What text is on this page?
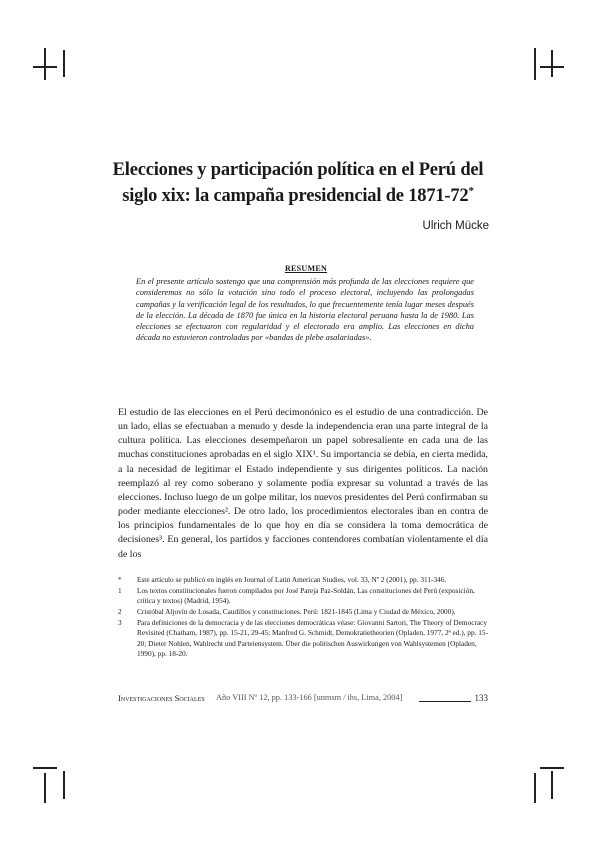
Elecciones y participación política en el Perú del
siglo xix: la campaña presidencial de 1871-72*
Ulrich Mücke
RESUMEN
En el presente artículo sostengo que una comprensión más profunda de las elecciones requiere que consideremos no sólo la votación sino todo el proceso electoral, incluyendo las prolongadas campañas y la verificación legal de los resultados, lo que frecuentemente tenía lugar meses después de la elección. La década de 1870 fue única en la historia electoral peruana hasta la de 1980. Las elecciones se efectuaron con regularidad y el electorado era amplio. Las elecciones en dicha década no estuvieron controladas por «bandas de plebe asalariadas».

El estudio de las elecciones en el Perú decimonónico es el estudio de una contradicción. De un lado, ellas se efectuaban a menudo y desde la independencia eran una parte integral de la cultura política. Las elecciones desempeñaron un papel sobresaliente en cada una de las muchas constituciones aprobadas en el siglo XIX¹. Su importancia se debía, en cierta medida, a la necesidad de legitimar el Estado independiente y sus dirigentes políticos. La nación reemplazó al rey como soberano y solamente podía expresar su voluntad a través de las elecciones. Incluso luego de un golpe militar, los nuevos presidentes del Perú confirmaban su poder mediante elecciones². De otro lado, los procedimientos electorales iban en contra de los principios fundamentales de lo que hoy en día se considera la toma democrática de decisiones³. En general, los partidos y facciones contendores combatían violentamente el día de los

* Este artículo se publicó en inglés en Journal of Latin American Studies, vol. 33, Nº 2 (2001), pp. 311-346.
1 Los textos constitucionales fueron compilados por José Pareja Paz-Soldán, Las constituciones del Perú (exposición, crítica y textos) (Madrid, 1954).
2 Cristóbal Aljovín de Losada, Caudillos y constituciones. Perú: 1821-1845 (Lima y Ciudad de México, 2000).
3 Para definiciones de la democracia y de las elecciones democráticas véase: Giovanni Sartori, The Theory of Democracy Revisited (Chatham, 1987), pp. 15-21, 29-45; Manfred G. Schmidt, Demokratietheorien (Opladen, 1977, 2ª ed.), pp. 15-20; Dieter Nohlen, Wahlrecht und Parteiensystem. Über die politischen Auswirkungen von Wahlsystemen (Opladen, 1990), pp. 18-20.
Investigaciones Sociales Año VIII Nº 12, pp. 133-166 [unmsm / ihs, Lima, 2004]	133
